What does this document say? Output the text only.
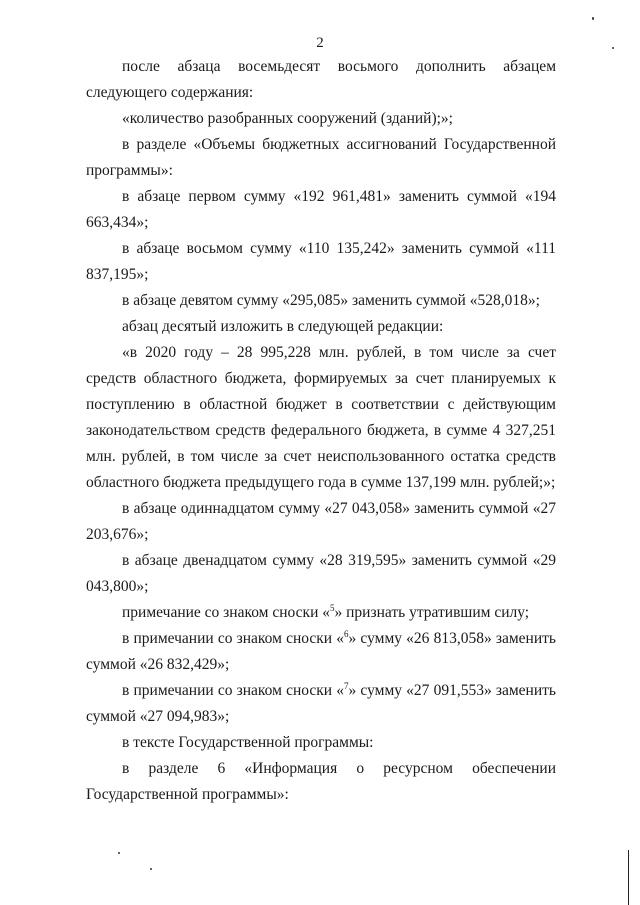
2

после абзаца восемьдесят восьмого дополнить абзацем следующего содержания:

«количество разобранных сооружений (зданий);»;

в разделе «Объемы бюджетных ассигнований Государственной программы»:

в абзаце первом сумму «192 961,481» заменить суммой «194 663,434»;

в абзаце восьмом сумму «110 135,242» заменить суммой «111 837,195»;

в абзаце девятом сумму «295,085» заменить суммой «528,018»;

абзац десятый изложить в следующей редакции:

«в 2020 году – 28 995,228 млн. рублей, в том числе за счет средств областного бюджета, формируемых за счет планируемых к поступлению в областной бюджет в соответствии с действующим законодательством средств федерального бюджета, в сумме 4 327,251 млн. рублей, в том числе за счет неиспользованного остатка средств областного бюджета предыдущего года в сумме 137,199 млн. рублей;»;

в абзаце одиннадцатом сумму «27 043,058» заменить суммой «27 203,676»;

в абзаце двенадцатом сумму «28 319,595» заменить суммой «29 043,800»;

примечание со знаком сноски «$^5$» признать утратившим силу;

в примечании со знаком сноски «$^6$» сумму «26 813,058» заменить суммой «26 832,429»;

в примечании со знаком сноски «$^7$» сумму «27 091,553» заменить суммой «27 094,983»;

в тексте Государственной программы:

в разделе 6 «Информация о ресурсном обеспечении Государственной программы»:
